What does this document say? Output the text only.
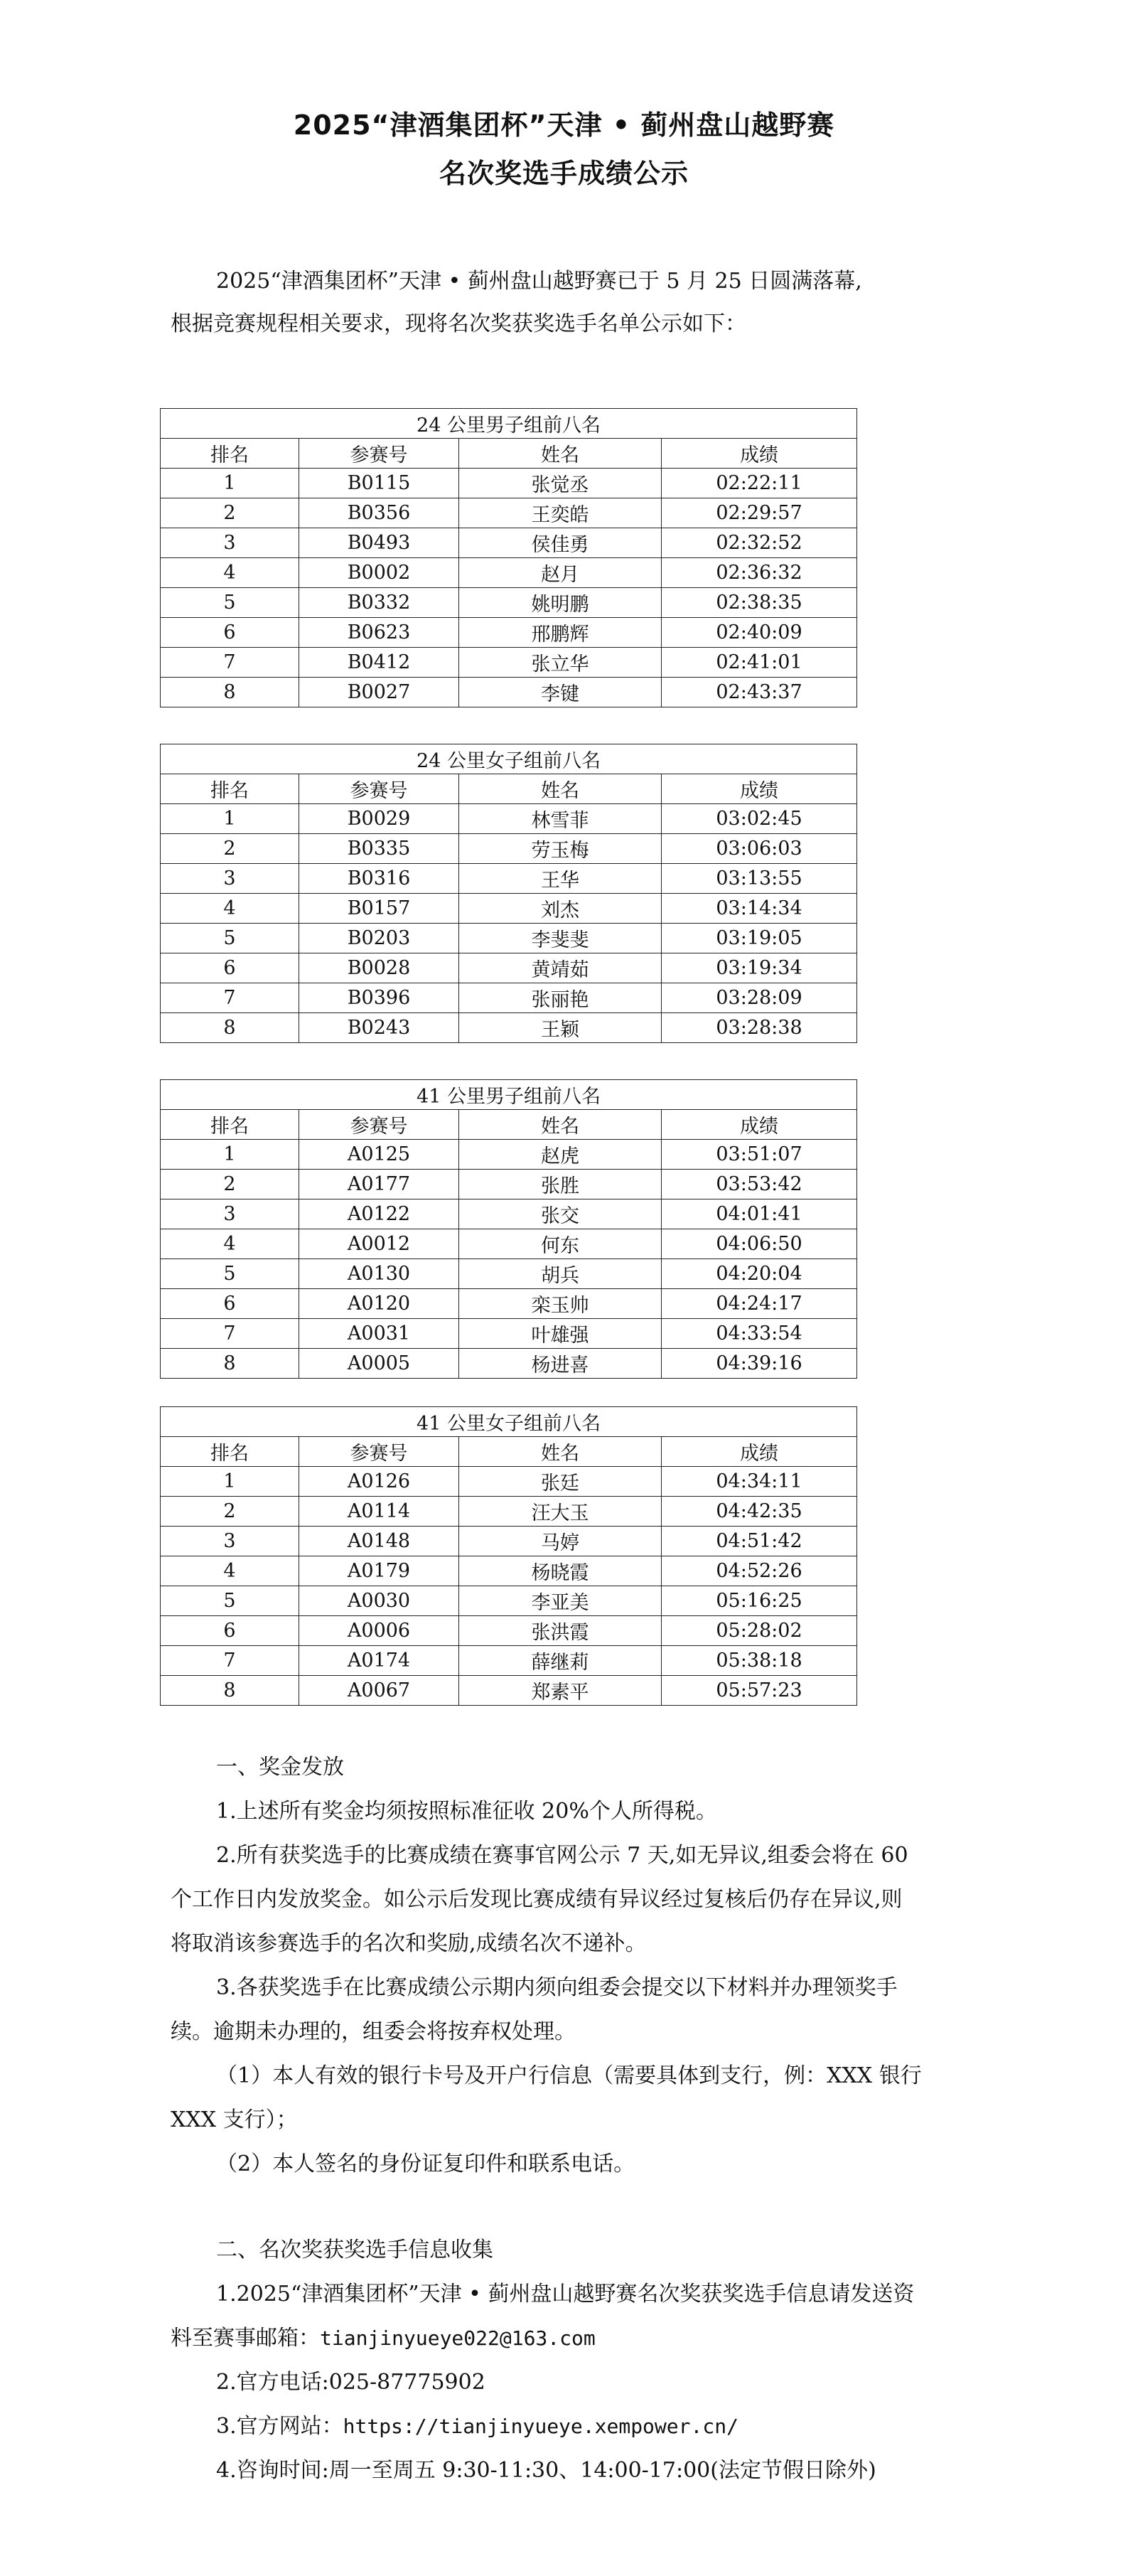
2025“津酒集团杯”天津 • 蓟州盘山越野赛
名次奖选手成绩公示
2025“津酒集团杯”天津 • 蓟州盘山越野赛已于 5 月 25 日圆满落幕,
根据竞赛规程相关要求，现将名次奖获奖选手名单公示如下：
24 公里男子组前八名			
排名	参赛号	姓名	成绩
1	B0115	张觉丞	02:22:11
2	B0356	王奕皓	02:29:57
3	B0493	侯佳勇	02:32:52
4	B0002	赵月	02:36:32
5	B0332	姚明鹏	02:38:35
6	B0623	邢鹏辉	02:40:09
7	B0412	张立华	02:41:01
8	B0027	李键	02:43:37
24 公里女子组前八名			
排名	参赛号	姓名	成绩
1	B0029	林雪菲	03:02:45
2	B0335	劳玉梅	03:06:03
3	B0316	王华	03:13:55
4	B0157	刘杰	03:14:34
5	B0203	李斐斐	03:19:05
6	B0028	黄靖茹	03:19:34
7	B0396	张丽艳	03:28:09
8	B0243	王颖	03:28:38
41 公里男子组前八名			
排名	参赛号	姓名	成绩
1	A0125	赵虎	03:51:07
2	A0177	张胜	03:53:42
3	A0122	张交	04:01:41
4	A0012	何东	04:06:50
5	A0130	胡兵	04:20:04
6	A0120	栾玉帅	04:24:17
7	A0031	叶雄强	04:33:54
8	A0005	杨进喜	04:39:16
41 公里女子组前八名			
排名	参赛号	姓名	成绩
1	A0126	张廷	04:34:11
2	A0114	汪大玉	04:42:35
3	A0148	马婷	04:51:42
4	A0179	杨晓霞	04:52:26
5	A0030	李亚美	05:16:25
6	A0006	张洪霞	05:28:02
7	A0174	薛继莉	05:38:18
8	A0067	郑素平	05:57:23

一、奖金发放

1.上述所有奖金均须按照标准征收 20%个人所得税。

2.所有获奖选手的比赛成绩在赛事官网公示 7 天,如无异议,组委会将在 60

个工作日内发放奖金。如公示后发现比赛成绩有异议经过复核后仍存在异议,则

将取消该参赛选手的名次和奖励,成绩名次不递补。

3.各获奖选手在比赛成绩公示期内须向组委会提交以下材料并办理领奖手

续。逾期未办理的，组委会将按弃权处理。

（1）本人有效的银行卡号及开户行信息（需要具体到支行，例：XXX 银行

XXX 支行）；

（2）本人签名的身份证复印件和联系电话。

二、名次奖获奖选手信息收集

1.2025“津酒集团杯”天津 • 蓟州盘山越野赛名次奖获奖选手信息请发送资

料至赛事邮箱：tianjinyueye022@163.com

2.官方电话:025-87775902

3.官方网站：https://tianjinyueye.xempower.cn/

4.咨询时间:周一至周五 9:30-11:30、14:00-17:00(法定节假日除外)
